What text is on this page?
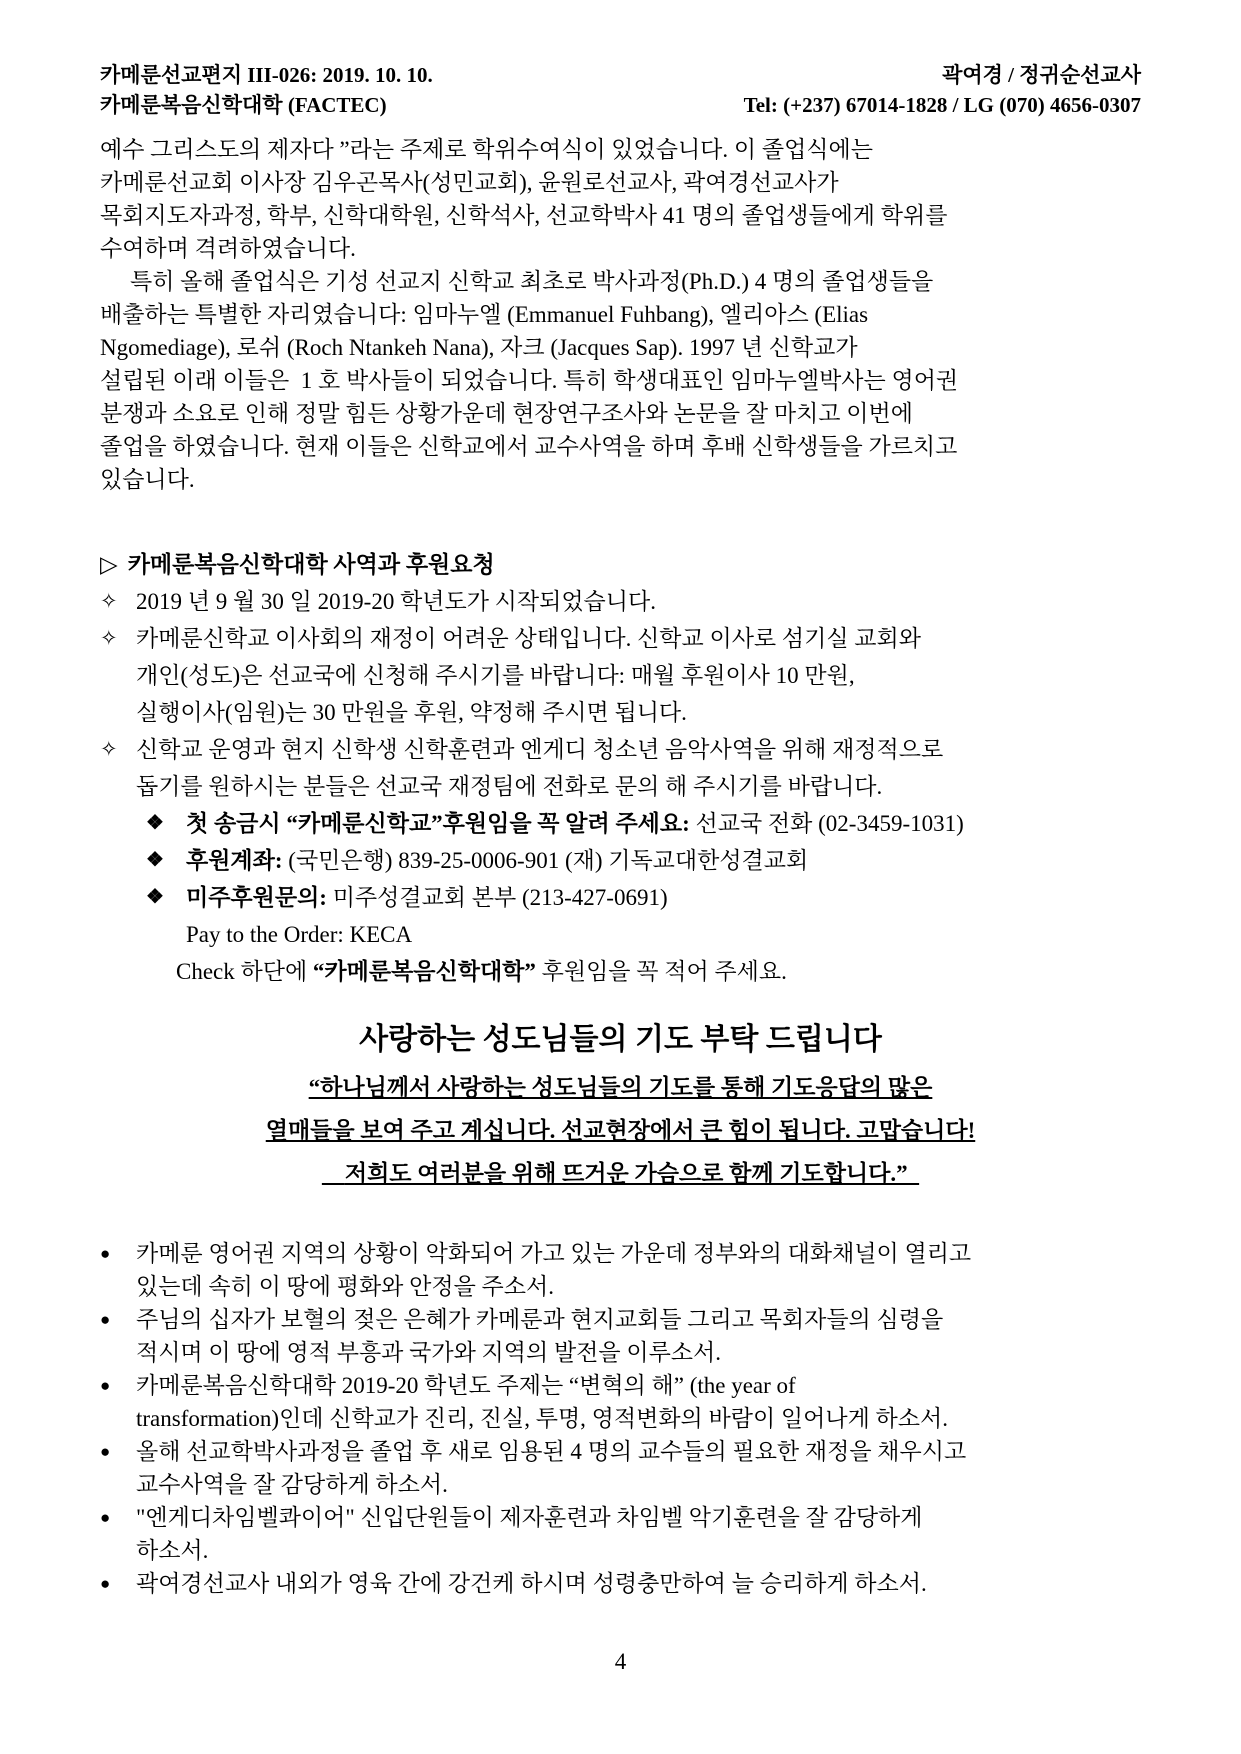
카메룬선교편지 III-026: 2019. 10. 10.
카메룬복음신학대학 (FACTEC)
곽여경 / 정귀순선교사
Tel: (+237) 67014-1828 / LG (070) 4656-0307
예수 그리스도의 제자다 ”라는 주제로 학위수여식이 있었습니다. 이 졸업식에는
카메룬선교회 이사장 김우곤목사(성민교회), 윤원로선교사, 곽여경선교사가
목회지도자과정, 학부, 신학대학원, 신학석사, 선교학박사 41 명의 졸업생들에게 학위를
수여하며 격려하였습니다.
특히 올해 졸업식은 기성 선교지 신학교 최초로 박사과정(Ph.D.) 4 명의 졸업생들을
배출하는 특별한 자리였습니다: 임마누엘 (Emmanuel Fuhbang), 엘리아스 (Elias
Ngomediage), 로쉬 (Roch Ntankeh Nana), 자크 (Jacques Sap). 1997 년 신학교가
설립된 이래 이들은  1 호 박사들이 되었습니다. 특히 학생대표인 임마누엘박사는 영어권
분쟁과 소요로 인해 정말 힘든 상황가운데 현장연구조사와 논문을 잘 마치고 이번에
졸업을 하였습니다. 현재 이들은 신학교에서 교수사역을 하며 후배 신학생들을 가르치고
있습니다.
▷ 카메룬복음신학대학 사역과 후원요청
✧ 2019 년 9 월 30 일 2019-20 학년도가 시작되었습니다.
✧ 카메룬신학교 이사회의 재정이 어려운 상태입니다. 신학교 이사로 섬기실 교회와
개인(성도)은 선교국에 신청해 주시기를 바랍니다: 매월 후원이사 10 만원,
실행이사(임원)는 30 만원을 후원, 약정해 주시면 됩니다.
✧ 신학교 운영과 현지 신학생 신학훈련과 엔게디 청소년 음악사역을 위해 재정적으로
돕기를 원하시는 분들은 선교국 재정팀에 전화로 문의 해 주시기를 바랍니다.
❖ 첫 송금시 “카메룬신학교”후원임을 꼭 알려 주세요: 선교국 전화 (02-3459-1031)
❖ 후원계좌: (국민은행) 839-25-0006-901 (재) 기독교대한성결교회
❖ 미주후원문의: 미주성결교회 본부 (213-427-0691)
Pay to the Order: KECA
Check 하단에 “카메룬복음신학대학” 후원임을 꼭 적어 주세요.
사랑하는 성도님들의 기도 부탁 드립니다
“하나님께서 사랑하는 성도님들의 기도를 통해 기도응답의 많은
열매들을 보여 주고 계십니다. 선교현장에서 큰 힘이 됩니다. 고맙습니다!
저희도 여러분을 위해 뜨거운 가슴으로 함께 기도합니다.”
●	카메룬 영어권 지역의 상황이 악화되어 가고 있는 가운데 정부와의 대화채널이 열리고
있는데 속히 이 땅에 평화와 안정을 주소서.
●	주님의 십자가 보혈의 젖은 은혜가 카메룬과 현지교회들 그리고 목회자들의 심령을
적시며 이 땅에 영적 부흥과 국가와 지역의 발전을 이루소서.
●	카메룬복음신학대학 2019-20 학년도 주제는 “변혁의 해” (the year of
transformation)인데 신학교가 진리, 진실, 투명, 영적변화의 바람이 일어나게 하소서.
●	올해 선교학박사과정을 졸업 후 새로 임용된 4 명의 교수들의 필요한 재정을 채우시고
교수사역을 잘 감당하게 하소서.
●	"엔게디차임벨콰이어" 신입단원들이 제자훈련과 차임벨 악기훈련을 잘 감당하게
하소서.
●	곽여경선교사 내외가 영육 간에 강건케 하시며 성령충만하여 늘 승리하게 하소서.
4
